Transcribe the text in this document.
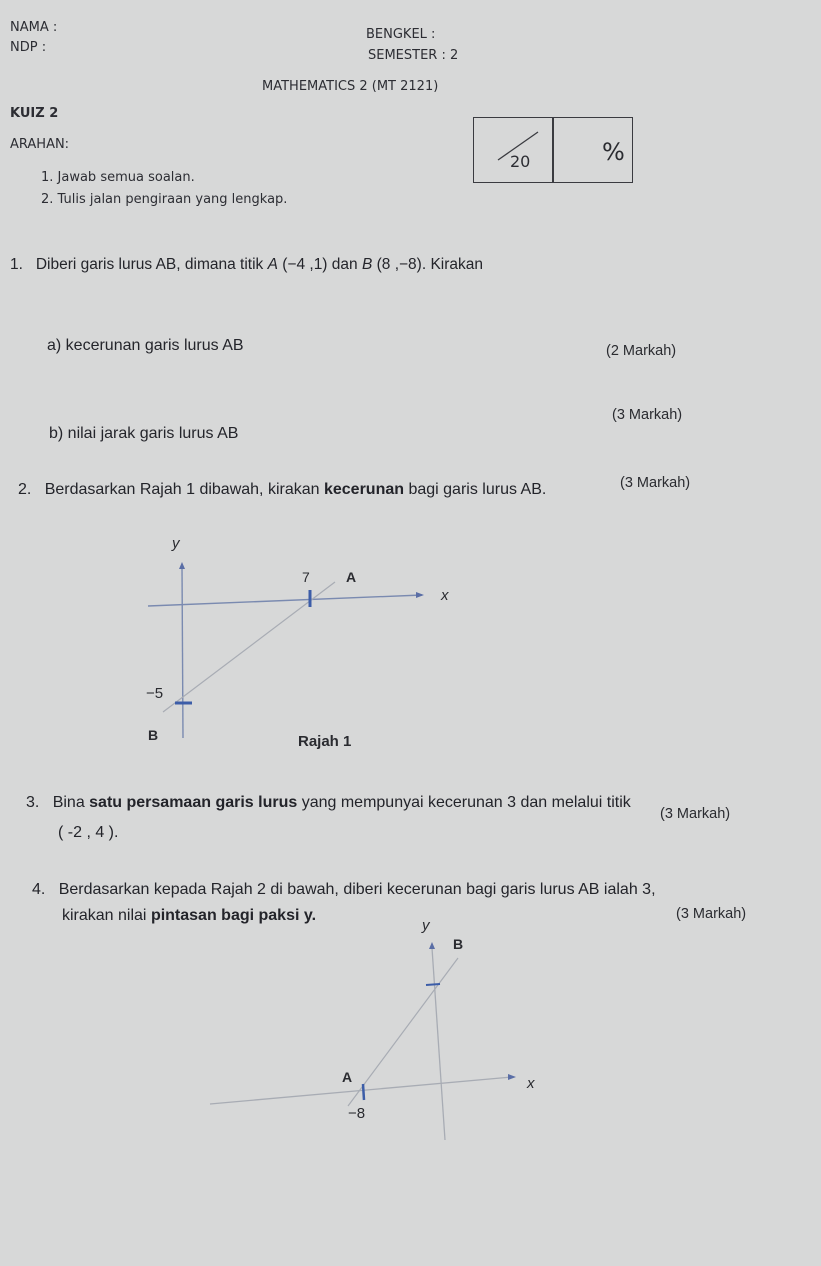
NAMA :
NDP :
BENGKEL :
SEMESTER : 2
MATHEMATICS 2 (MT 2121)
KUIZ 2
ARAHAN:
1. Jawab semua soalan.
2. Tulis jalan pengiraan yang lengkap.
20	%
1. Diberi garis lurus AB, dimana titik A (−4 ,1) dan B (8 ,−8). Kirakan
a) kecerunan garis lurus AB	(2 Markah)
(3 Markah)
b) nilai jarak garis lurus AB
2. Berdasarkan Rajah 1 dibawah, kirakan kecerunan bagi garis lurus AB.	(3 Markah)
y
x
7	A
−5
B	Rajah 1
3. Bina satu persamaan garis lurus yang mempunyai kecerunan 3 dan melalui titik
( -2 , 4 ).
(3 Markah)
4. Berdasarkan kepada Rajah 2 di bawah, diberi kecerunan bagi garis lurus AB ialah 3,
kirakan nilai pintasan bagi paksi y.	(3 Markah)
y
B
A	x
−8
